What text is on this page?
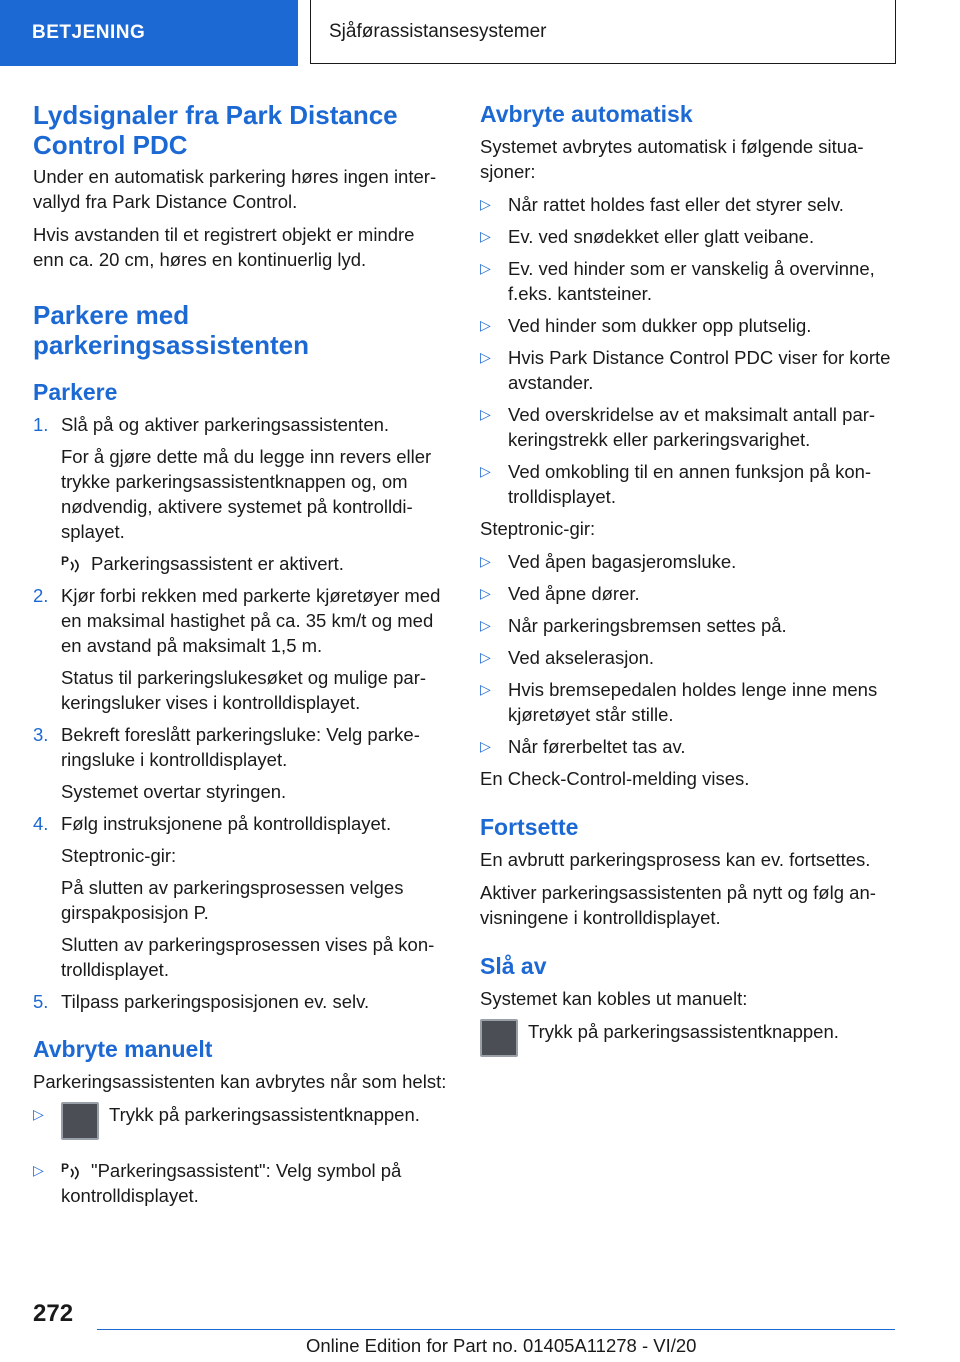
BETJENING	Sjåførassistansesystemer
Lydsignaler fra Park Distance Control PDC

Under en automatisk parkering høres ingen intervallyd fra Park Distance Control.

Hvis avstanden til et registrert objekt er mindre enn ca. 20 cm, høres en kontinuerlig lyd.

Parkere med parkeringsassistenten
Parkere
1. Slå på og aktiver parkeringsassistenten.
For å gjøre dette må du legge inn revers eller trykke parkeringsassistentknappen og, om nødvendig, aktivere systemet på kontrolldisplayet.
P Parkeringsassistent er aktivert.
2. Kjør forbi rekken med parkerte kjøretøyer med en maksimal hastighet på ca. 35 km/t og med en avstand på maksimalt 1,5 m.
Status til parkeringslukesøket og mulige parkeringsluker vises i kontrolldisplayet.
3. Bekreft foreslått parkeringsluke: Velg parkeringsluke i kontrolldisplayet.
Systemet overtar styringen.
4. Følg instruksjonene på kontrolldisplayet.
Steptronic-gir:
På slutten av parkeringsprosessen velges girspakposisjon P.
Slutten av parkeringsprosessen vises på kontrolldisplayet.
5. Tilpass parkeringsposisjonen ev. selv.
Avbryte manuelt

Parkeringsassistenten kan avbrytes når som helst:

▷	Trykk på parkeringsassistentknappen.
▷ P "Parkeringsassistent": Velg symbol på kontrolldisplayet.
Avbryte automatisk

Systemet avbrytes automatisk i følgende situasjoner:

▷ Når rattet holdes fast eller det styrer selv.
▷ Ev. ved snødekket eller glatt veibane.
▷ Ev. ved hinder som er vanskelig å overvinne, f.eks. kantsteiner.
▷ Ved hinder som dukker opp plutselig.
▷ Hvis Park Distance Control PDC viser for korte avstander.
▷ Ved overskridelse av et maksimalt antall parkeringstrekk eller parkeringsvarighet.
▷ Ved omkobling til en annen funksjon på kontrolldisplayet.

Steptronic-gir:

▷ Ved åpen bagasjeromsluke.
▷ Ved åpne dører.
▷ Når parkeringsbremsen settes på.
▷ Ved akselerasjon.
▷ Hvis bremsepedalen holdes lenge inne mens kjøretøyet står stille.
▷ Når førerbeltet tas av.

En Check-Control-melding vises.

Fortsette

En avbrutt parkeringsprosess kan ev. fortsettes.

Aktiver parkeringsassistenten på nytt og følg anvisningene i kontrolldisplayet.

Slå av

Systemet kan kobles ut manuelt:

Trykk på parkeringsassistentknappen.
272
Online Edition for Part no. 01405A11278 - VI/20
